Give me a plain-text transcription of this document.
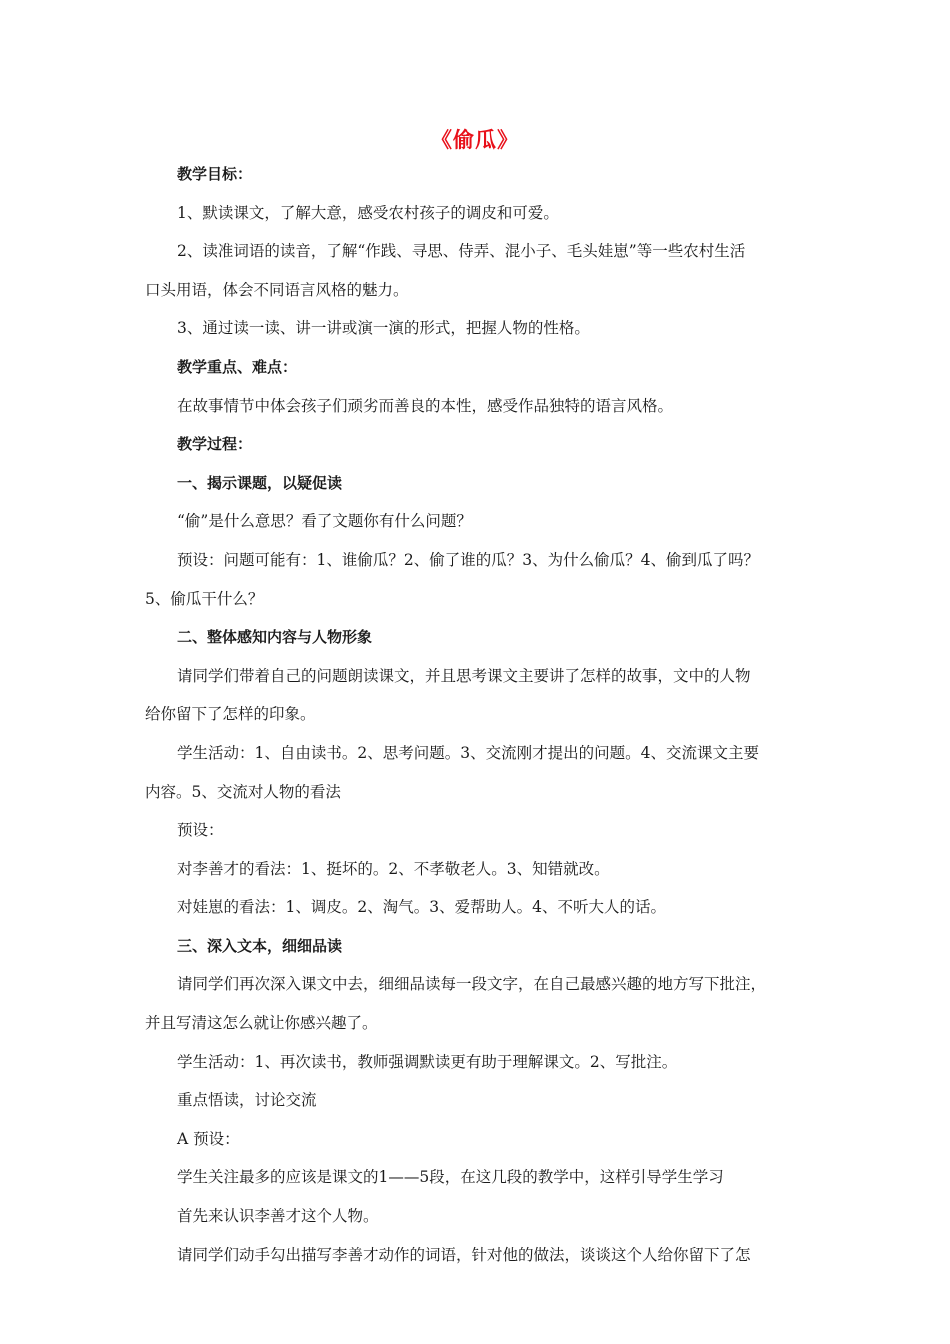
《偷瓜》
教学目标：
1、默读课文，了解大意，感受农村孩子的调皮和可爱。
2、读准词语的读音，了解“作践、寻思、侍弄、混小子、毛头娃崽”等一些农村生活
口头用语，体会不同语言风格的魅力。
3、通过读一读、讲一讲或演一演的形式，把握人物的性格。
教学重点、难点：
在故事情节中体会孩子们顽劣而善良的本性，感受作品独特的语言风格。
教学过程：
一、揭示课题，以疑促读
“偷”是什么意思？看了文题你有什么问题？
预设：问题可能有：1、谁偷瓜？2、偷了谁的瓜？3、为什么偷瓜？4、偷到瓜了吗？
5、偷瓜干什么？
二、整体感知内容与人物形象
请同学们带着自己的问题朗读课文，并且思考课文主要讲了怎样的故事，文中的人物
给你留下了怎样的印象。
学生活动：1、自由读书。2、思考问题。3、交流刚才提出的问题。4、交流课文主要
内容。5、交流对人物的看法
预设：
对李善才的看法：1、挺坏的。2、不孝敬老人。3、知错就改。
对娃崽的看法：1、调皮。2、淘气。3、爱帮助人。4、不听大人的话。
三、深入文本，细细品读
请同学们再次深入课文中去，细细品读每一段文字，在自己最感兴趣的地方写下批注，
并且写清这怎么就让你感兴趣了。
学生活动：1、再次读书，教师强调默读更有助于理解课文。2、写批注。
重点悟读，讨论交流
A 预设：
学生关注最多的应该是课文的1——5段，在这几段的教学中，这样引导学生学习
首先来认识李善才这个人物。
请同学们动手勾出描写李善才动作的词语，针对他的做法，谈谈这个人给你留下了怎
